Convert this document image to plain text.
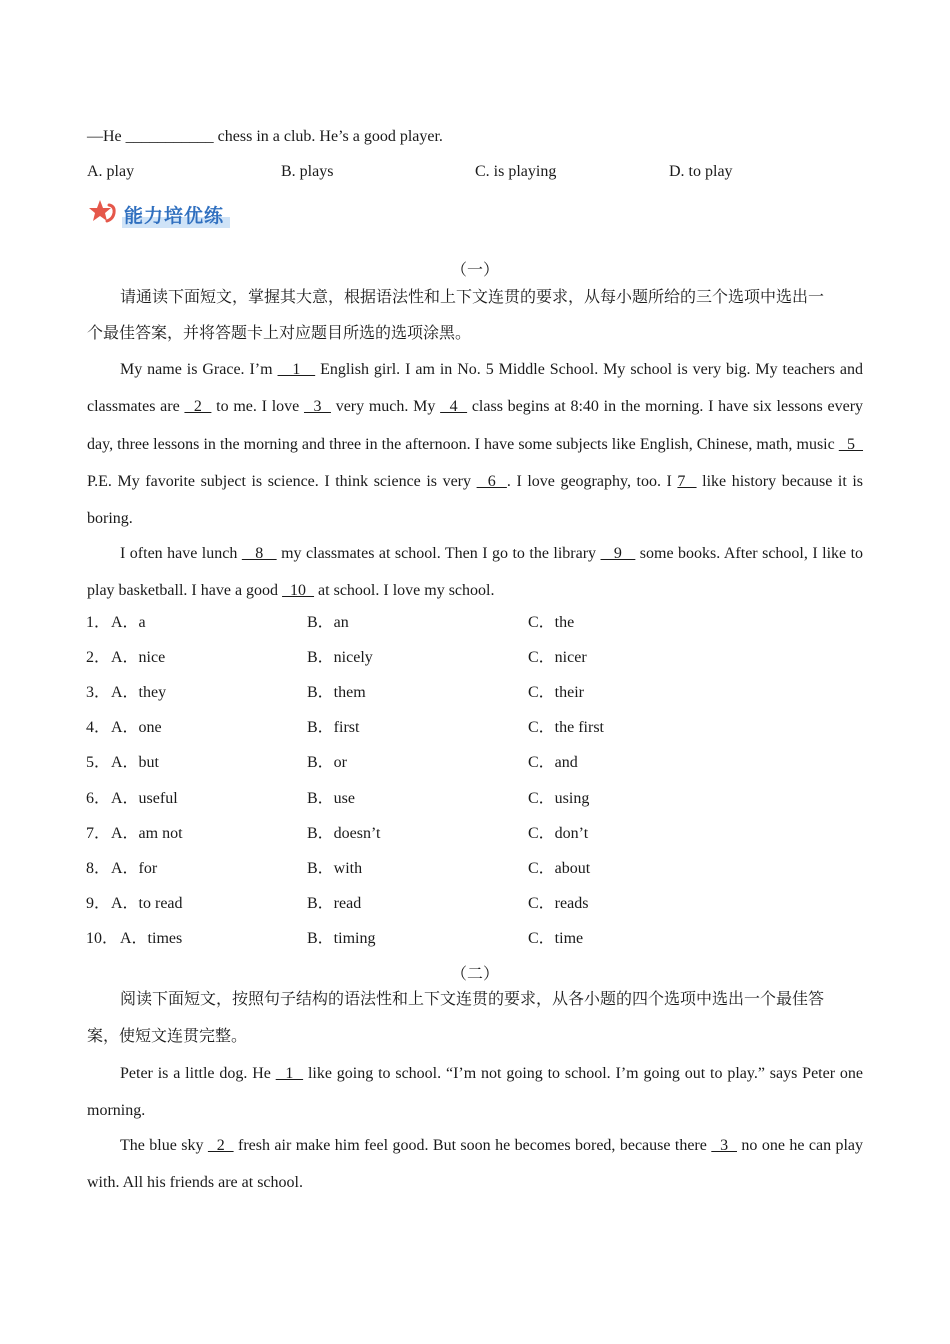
—He ___________ chess in a club. He’s a good player.
A. play	B. plays	C. is playing	D. to play
能力培优练
（一）
请通读下面短文，掌握其大意，根据语法性和上下文连贯的要求，从每小题所给的三个选项中选出一
个最佳答案，并将答题卡上对应题目所选的选项涂黑。
My name is Grace. I’m    1    English girl. I am in No. 5 Middle School. My school is very big. My teachers and classmates are   2   to me. I love   3   very much. My   4   class begins at 8:40 in the morning. I have six lessons every day, three lessons in the morning and three in the afternoon. I have some subjects like English, Chinese, math, music   5   P.E. My favorite subject is science. I think science is very   6  . I love geography, too. I 7   like history because it is boring.
I often have lunch    8    my classmates at school. Then I go to the library    9    some books. After school, I like to play basketball. I have a good   10   at school. I love my school.
1． A．a	B．an	C．the
2． A．nice	B．nicely	C．nicer
3． A．they	B．them	C．their
4． A．one	B．first	C．the first
5． A．but	B．or	C．and
6． A．useful	B．use	C．using
7． A．am not	B．doesn’t	C．don’t
8． A．for	B．with	C．about
9． A．to read	B．read	C．reads
10． A．times	B．timing	C．time
（二）
阅读下面短文，按照句子结构的语法性和上下文连贯的要求，从各小题的四个选项中选出一个最佳答
案，使短文连贯完整。
Peter is a little dog. He   1   like going to school. “I’m not going to school. I’m going out to play.” says Peter one morning.
The blue sky   2   fresh air make him feel good. But soon he becomes bored, because there   3   no one he can play with. All his friends are at school.
